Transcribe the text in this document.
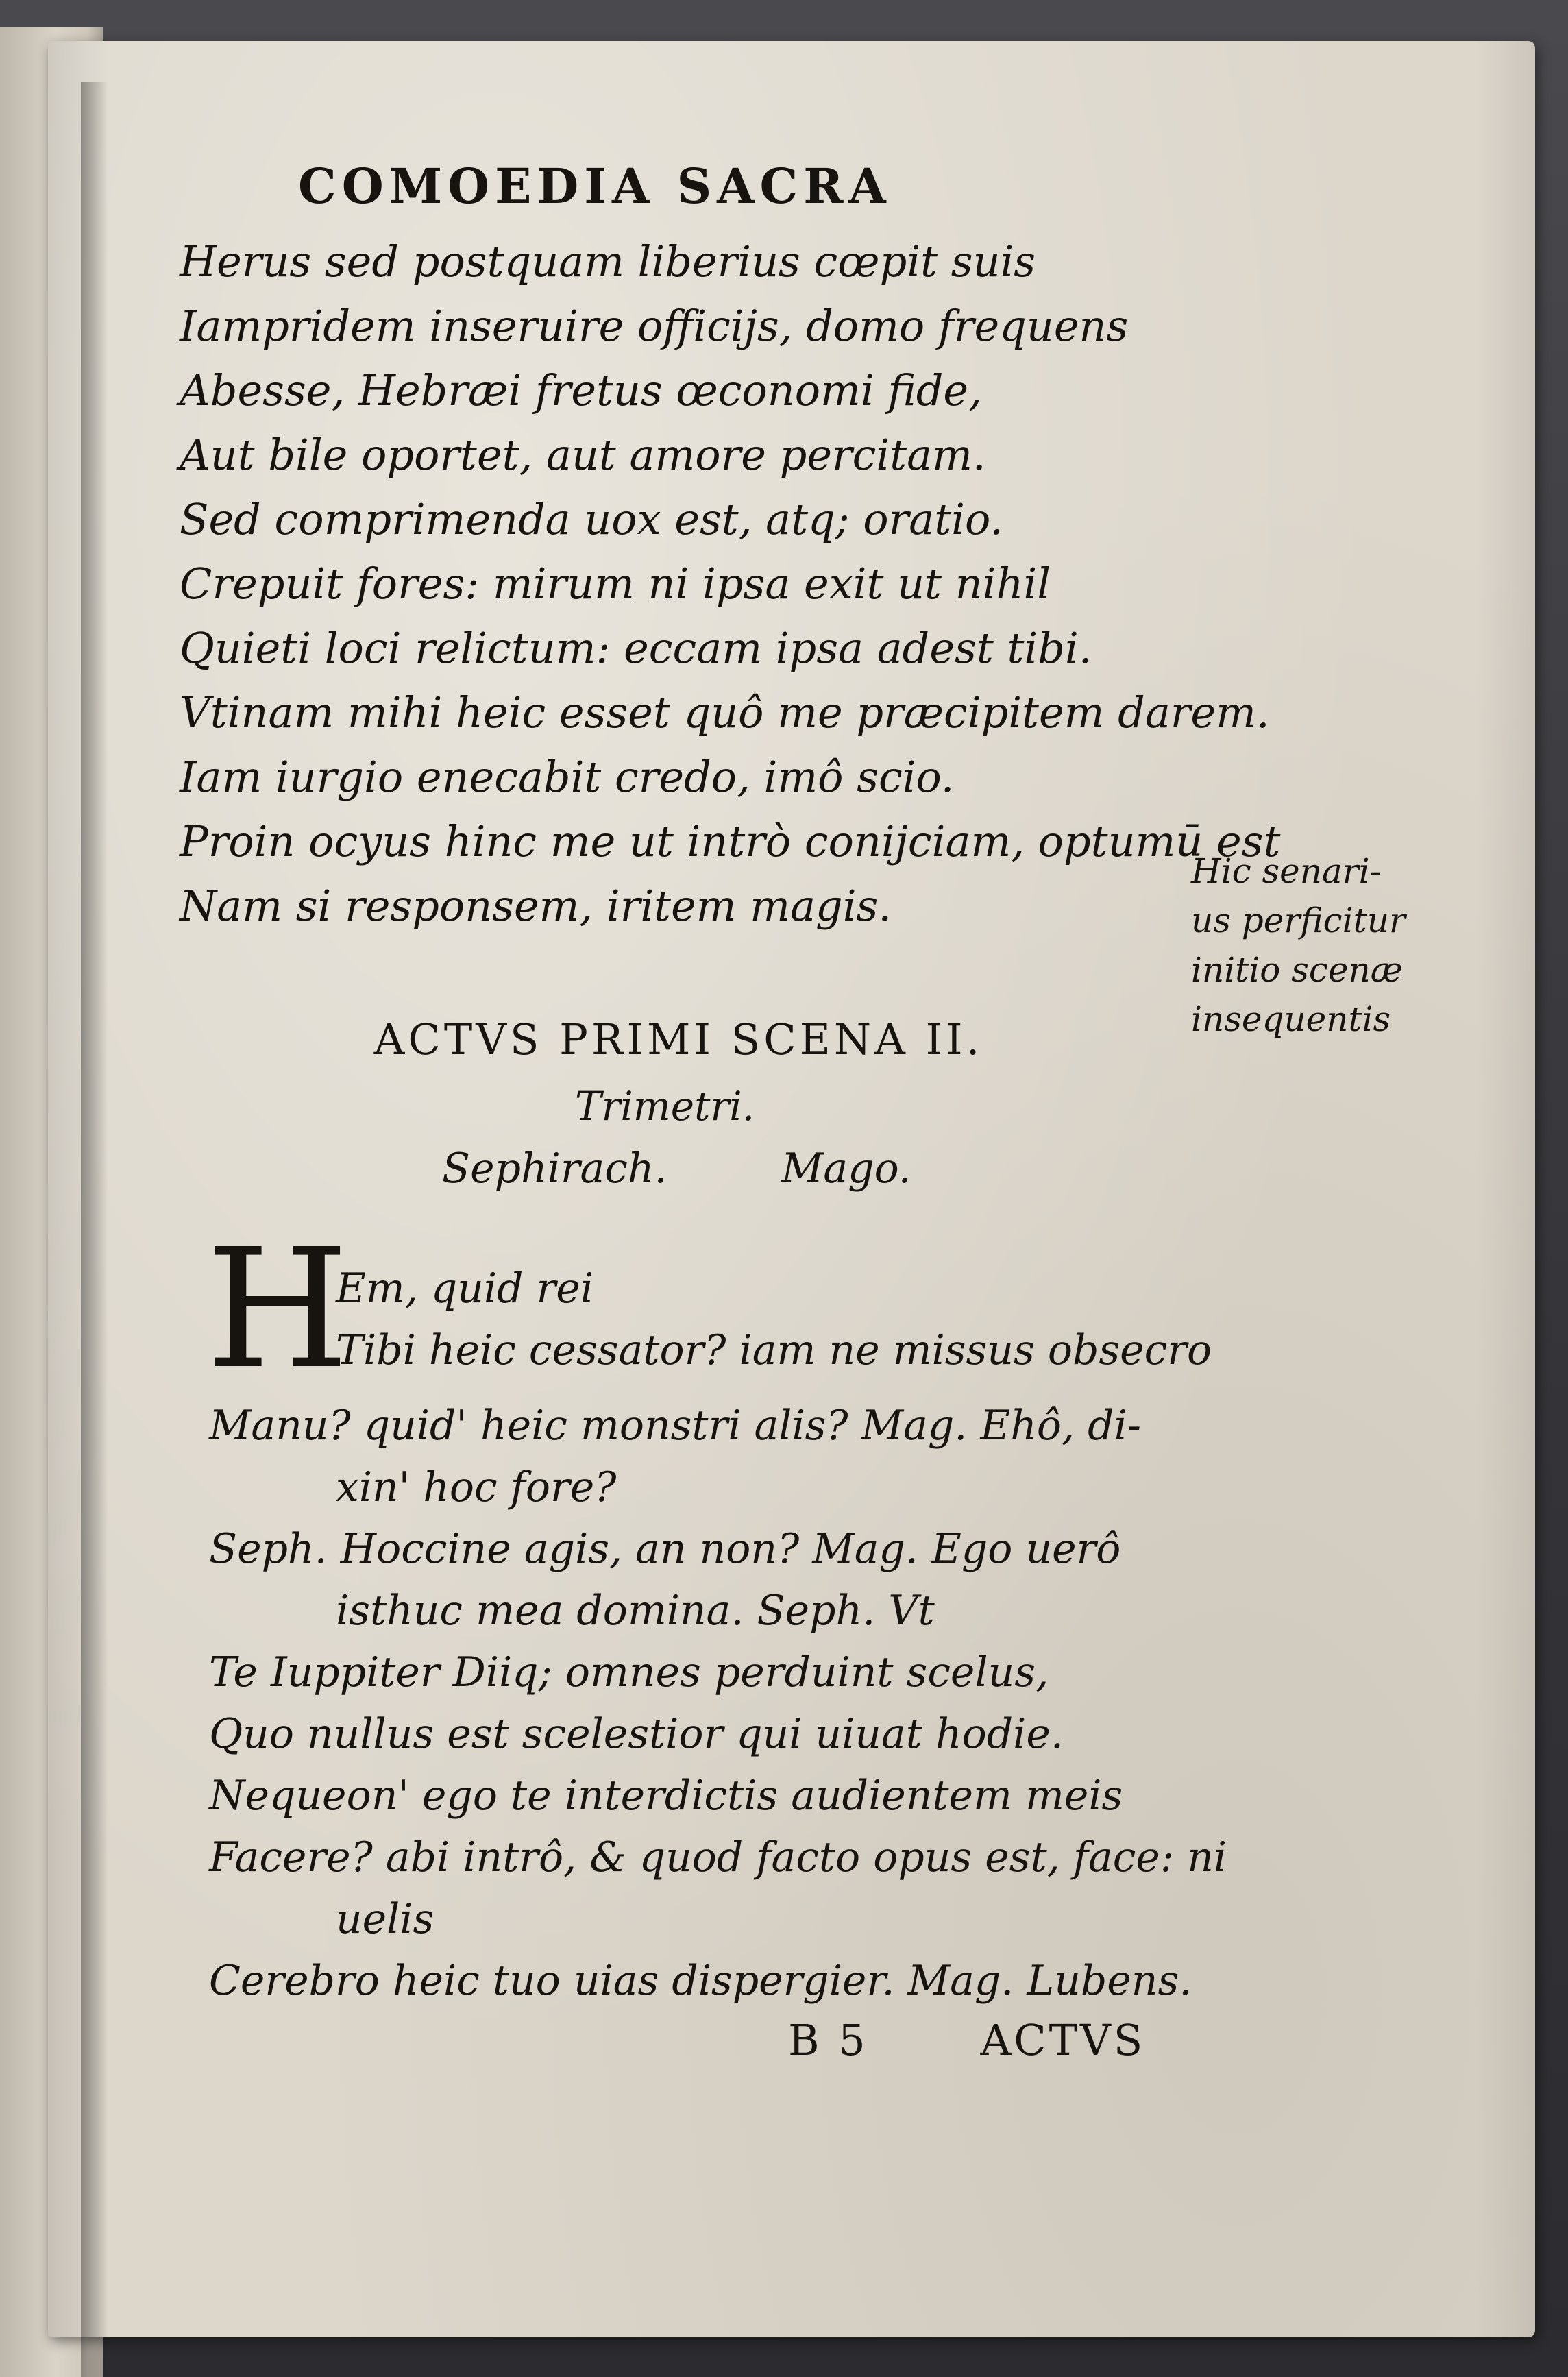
COMOEDIA SACRA
Herus sed postquam liberius cœpit suis
Iampridem inseruire officijs, domo frequens
Abesse, Hebræi fretus œconomi fide,
Aut bile oportet, aut amore percitam.
Sed comprimenda uox est, atq; oratio.
Crepuit fores: mirum ni ipsa exit ut nihil
Quieti loci relictum: eccam ipsa adest tibi.
Vtinam mihi heic esset quô me præcipitem darem.
Iam iurgio enecabit credo, imô scio.
Proin ocyus hinc me ut intrò conijciam, optumū est
Nam si responsem, iritem magis.
Hic senari-
us perficitur
initio scenæ
insequentis
ACTVS PRIMI SCENA II.
Trimetri.
Sephirach.	Mago.
H
Em, quid rei
Tibi heic cessator? iam ne missus obsecro
Manu? quid' heic monstri alis? Mag. Ehô, di-
xin' hoc fore?
Seph. Hoccine agis, an non? Mag. Ego uerô
isthuc mea domina. Seph. Vt
Te Iuppiter Diiq; omnes perduint scelus,
Quo nullus est scelestior qui uiuat hodie.
Nequeon' ego te interdictis audientem meis
Facere? abi intrô, & quod facto opus est, face: ni
uelis
Cerebro heic tuo uias dispergier. Mag. Lubens.
B 5	ACTVS
